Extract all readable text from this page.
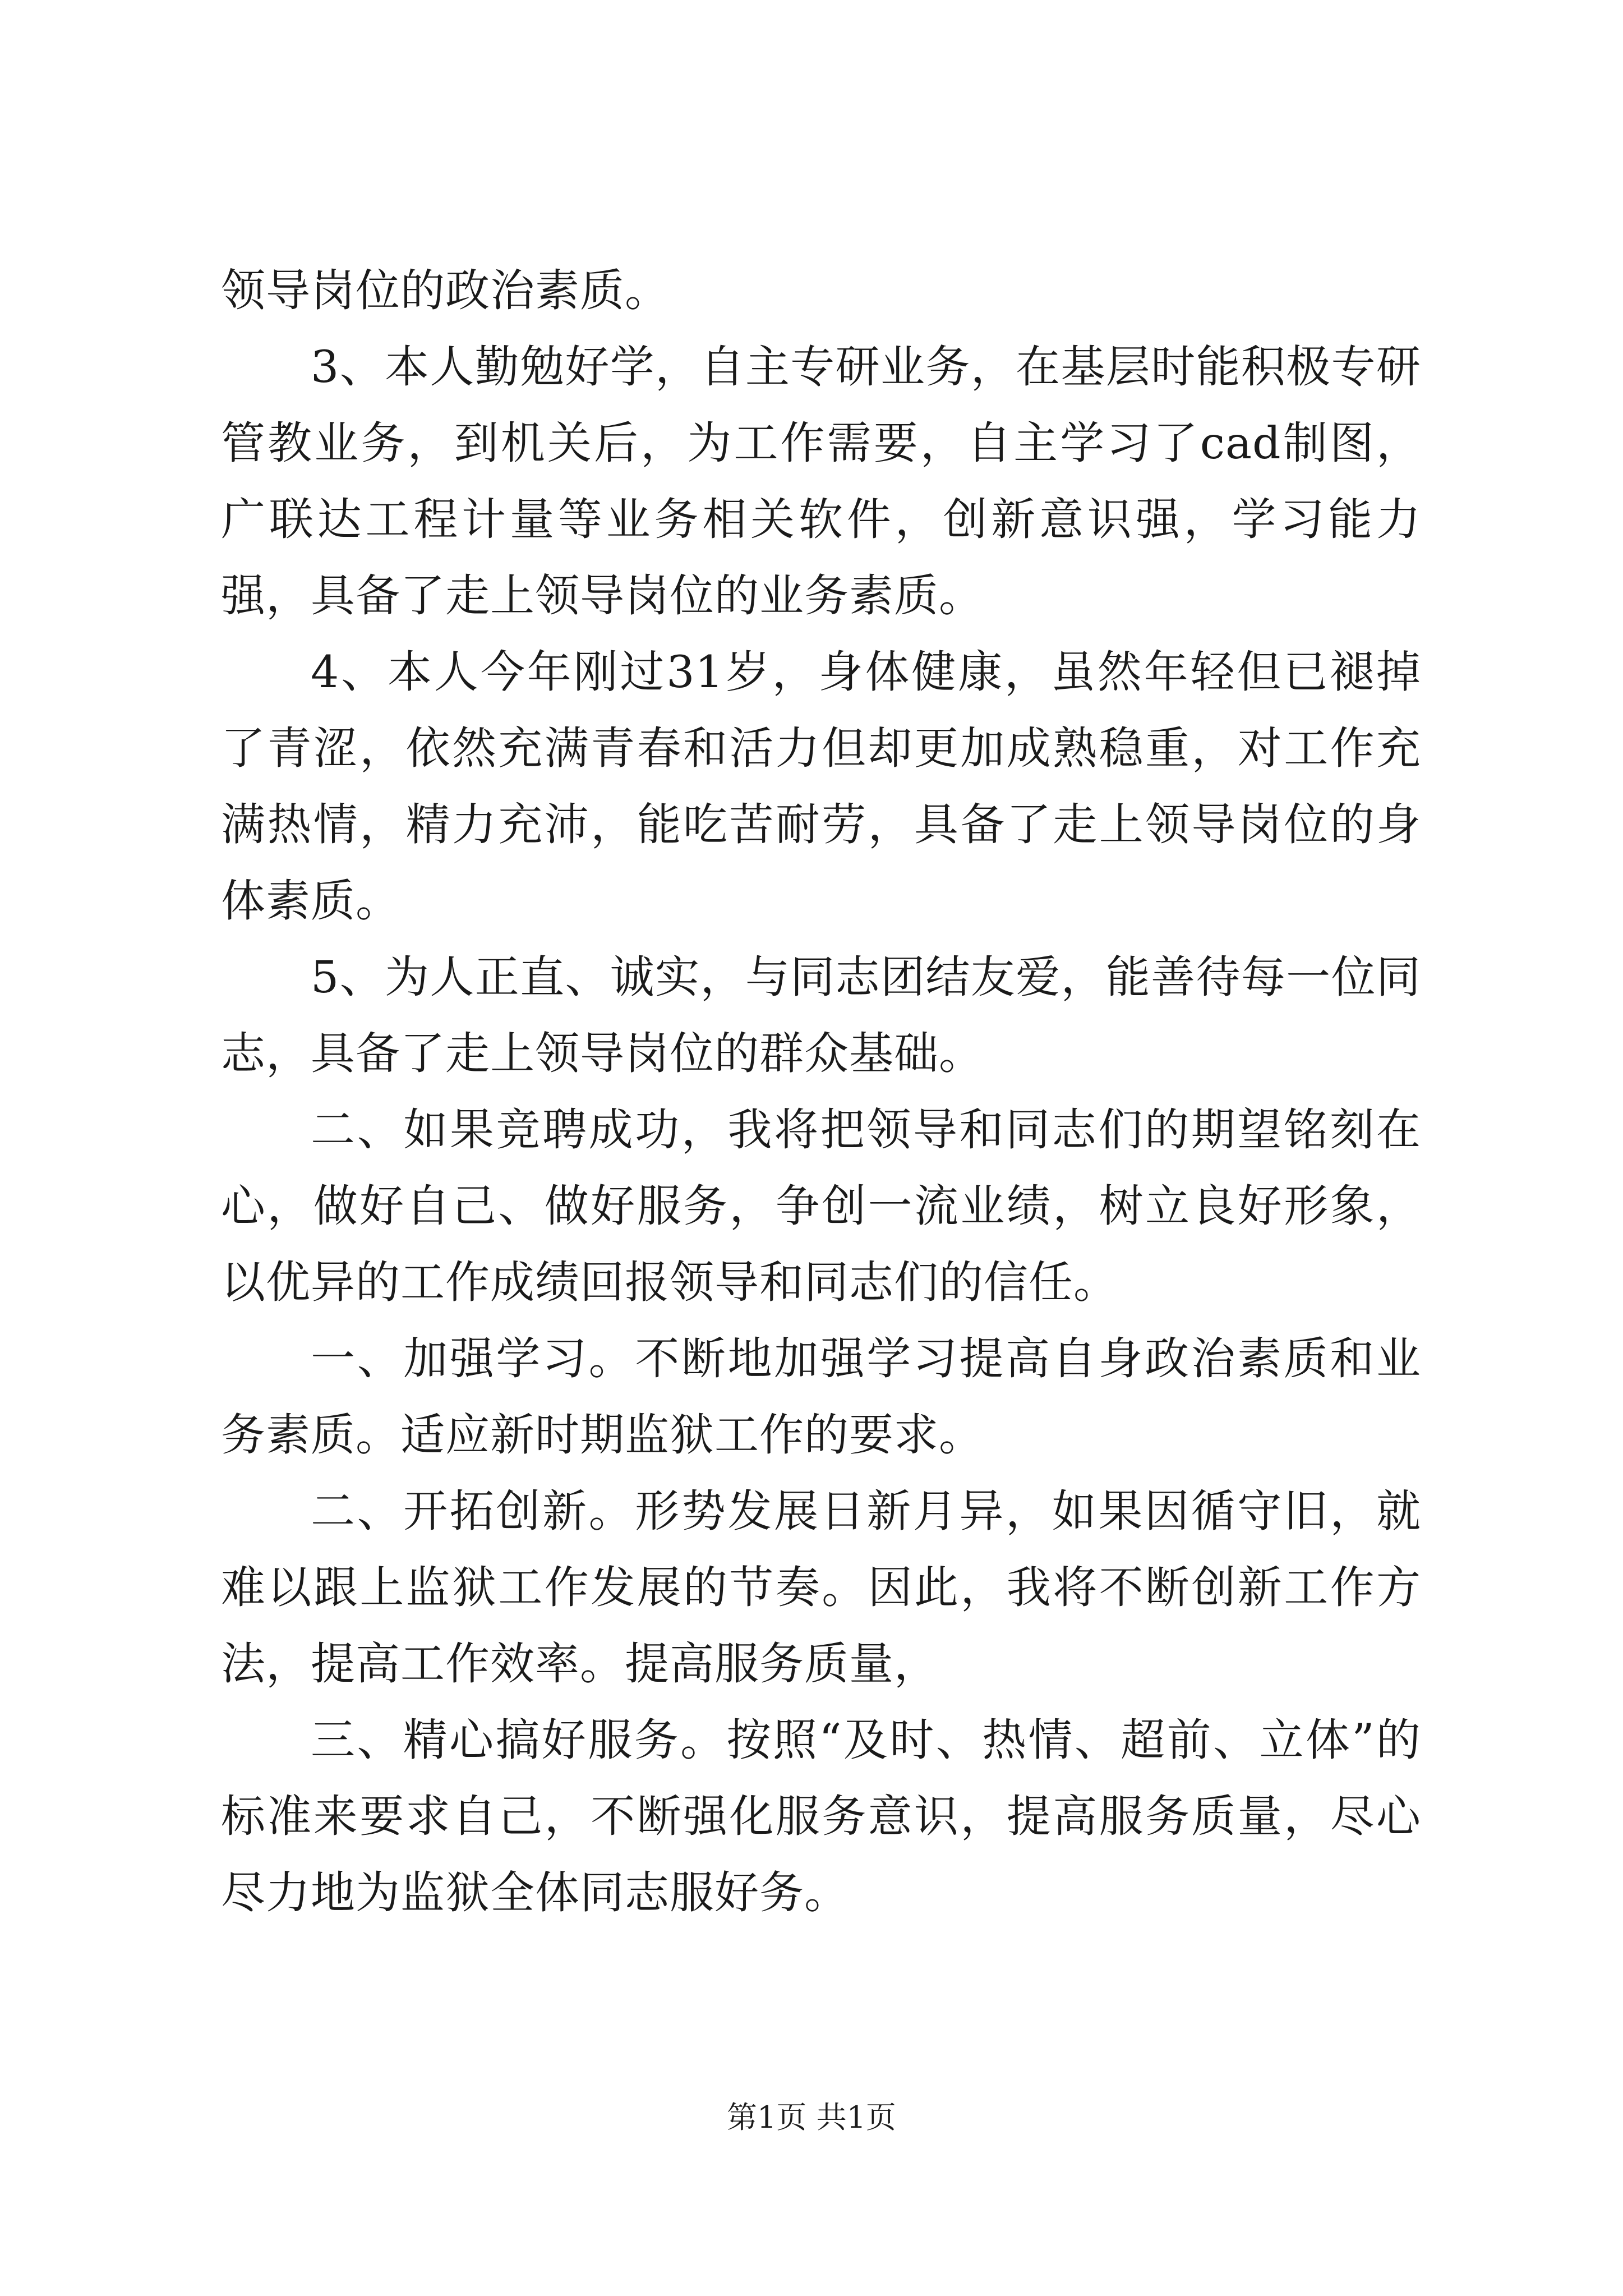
领导岗位的政治素质。

3、本人勤勉好学，自主专研业务，在基层时能积极专研管教业务，到机关后，为工作需要，自主学习了cad制图，广联达工程计量等业务相关软件，创新意识强，学习能力强，具备了走上领导岗位的业务素质。

4、本人今年刚过31岁，身体健康，虽然年轻但已褪掉了青涩，依然充满青春和活力但却更加成熟稳重，对工作充满热情，精力充沛，能吃苦耐劳，具备了走上领导岗位的身体素质。

5、为人正直、诚实，与同志团结友爱，能善待每一位同志，具备了走上领导岗位的群众基础。

二、如果竞聘成功，我将把领导和同志们的期望铭刻在心，做好自己、做好服务，争创一流业绩，树立良好形象，以优异的工作成绩回报领导和同志们的信任。

一、加强学习。不断地加强学习提高自身政治素质和业务素质。适应新时期监狱工作的要求。

二、开拓创新。形势发展日新月异，如果因循守旧，就难以跟上监狱工作发展的节奏。因此，我将不断创新工作方法，提高工作效率。提高服务质量，

三、精心搞好服务。按照“及时、热情、超前、立体”的标准来要求自己，不断强化服务意识，提高服务质量，尽心尽力地为监狱全体同志服好务。

第1页 共1页
